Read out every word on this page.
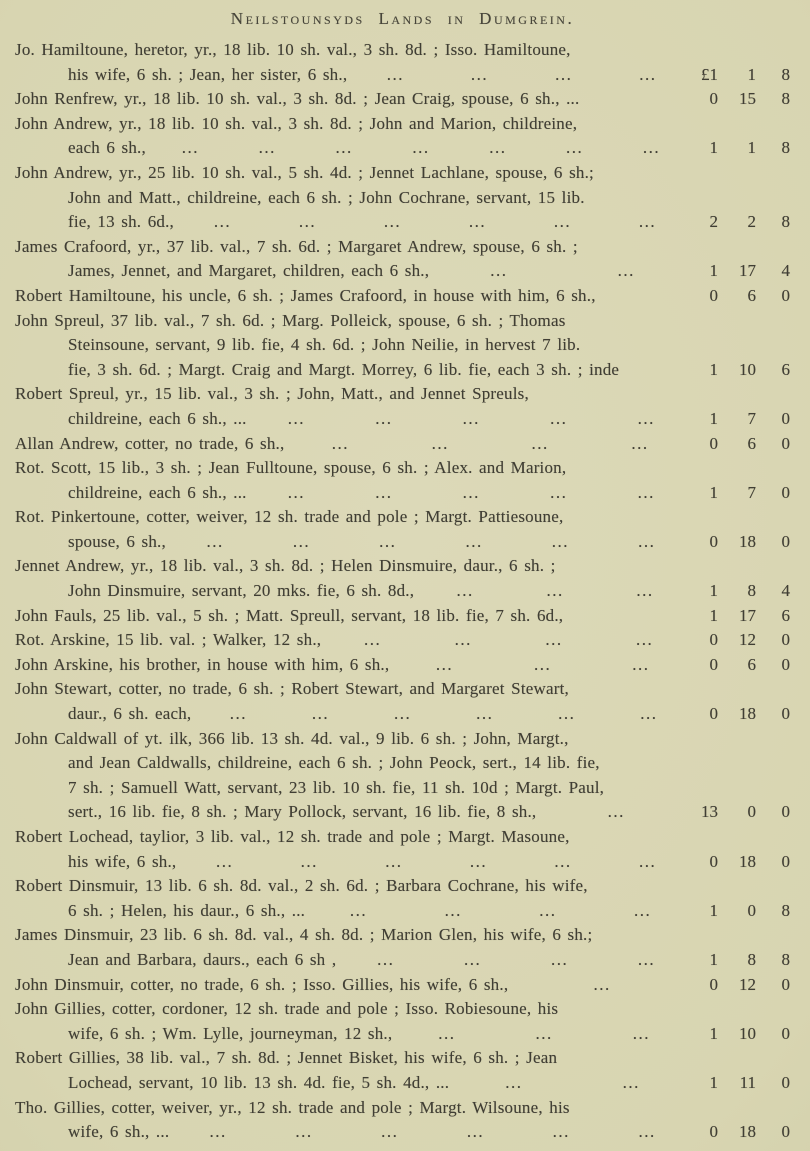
Neilstounsyds Lands in Dumgrein.
Jo. Hamiltoune, heretor, yr., 18 lib. 10 sh. val., 3 sh. 8d. ; Isso. Hamiltoune,
his wife, 6 sh. ; Jean, her sister, 6 sh., ...	...	...	...	£1	1	8
John Renfrew, yr., 18 lib. 10 sh. val., 3 sh. 8d. ; Jean Craig, spouse, 6 sh., ...	0	15	8
John Andrew, yr., 18 lib. 10 sh. val., 3 sh. 8d. ; John and Marion, childreine,
each 6 sh., ...	...	...	...	...	...	...	1	1	8
John Andrew, yr., 25 lib. 10 sh. val., 5 sh. 4d. ; Jennet Lachlane, spouse, 6 sh.;
John and Matt., childreine, each 6 sh. ; John Cochrane, servant, 15 lib.
fie, 13 sh. 6d., ...	...	...	...	...	...	2	2	8
James Crafoord, yr., 37 lib. val., 7 sh. 6d. ; Margaret Andrew, spouse, 6 sh. ;
James, Jennet, and Margaret, children, each 6 sh.,	...	...	1	17	4
Robert Hamiltoune, his uncle, 6 sh. ; James Crafoord, in house with him, 6 sh.,	0	6	0
John Spreul, 37 lib. val., 7 sh. 6d. ; Marg. Polleick, spouse, 6 sh. ; Thomas
Steinsoune, servant, 9 lib. fie, 4 sh. 6d. ; John Neilie, in hervest 7 lib.
fie, 3 sh. 6d. ; Margt. Craig and Margt. Morrey, 6 lib. fie, each 3 sh. ; inde	1	10	6
Robert Spreul, yr., 15 lib. val., 3 sh. ; John, Matt., and Jennet Spreuls,
childreine, each 6 sh., ... ...	...	...	...	...	1	7	0
Allan Andrew, cotter, no trade, 6 sh.,	...	...	...	...	0	6	0
Rot. Scott, 15 lib., 3 sh. ; Jean Fulltoune, spouse, 6 sh. ; Alex. and Marion,
childreine, each 6 sh., ... ...	...	...	...	...	1	7	0
Rot. Pinkertoune, cotter, weiver, 12 sh. trade and pole ; Margt. Pattiesoune,
spouse, 6 sh., ...	...	...	...	...	...	0	18	0
Jennet Andrew, yr., 18 lib. val., 3 sh. 8d. ; Helen Dinsmuire, daur., 6 sh. ;
John Dinsmuire, servant, 20 mks. fie, 6 sh. 8d., ...	...	...	1	8	4
John Fauls, 25 lib. val., 5 sh. ; Matt. Spreull, servant, 18 lib. fie, 7 sh. 6d.,	1	17	6
Rot. Arskine, 15 lib. val. ; Walker, 12 sh.,	...	...	...	...	0	12	0
John Arskine, his brother, in house with him, 6 sh.,	...	...	...	0	6	0
John Stewart, cotter, no trade, 6 sh. ; Robert Stewart, and Margaret Stewart,
daur., 6 sh. each, ...	...	...	...	...	...	0	18	0
John Caldwall of yt. ilk, 366 lib. 13 sh. 4d. val., 9 lib. 6 sh. ; John, Margt.,
and Jean Caldwalls, childreine, each 6 sh. ; John Peock, sert., 14 lib. fie,
7 sh. ; Samuell Watt, servant, 23 lib. 10 sh. fie, 11 sh. 10d ; Margt. Paul,
sert., 16 lib. fie, 8 sh. ; Mary Pollock, servant, 16 lib. fie, 8 sh.,	...	13	0	0
Robert Lochead, taylior, 3 lib. val., 12 sh. trade and pole ; Margt. Masoune,
his wife, 6 sh., ...	...	...	...	...	...	0	18	0
Robert Dinsmuir, 13 lib. 6 sh. 8d. val., 2 sh. 6d. ; Barbara Cochrane, his wife,
6 sh. ; Helen, his daur., 6 sh., ...	...	...	...	...	1	0	8
James Dinsmuir, 23 lib. 6 sh. 8d. val., 4 sh. 8d. ; Marion Glen, his wife, 6 sh.;
Jean and Barbara, daurs., each 6 sh , ...	...	...	...	1	8	8
John Dinsmuir, cotter, no trade, 6 sh. ; Isso. Gillies, his wife, 6 sh.,	...	0	12	0
John Gillies, cotter, cordoner, 12 sh. trade and pole ; Isso. Robiesoune, his
wife, 6 sh. ; Wm. Lylle, journeyman, 12 sh.,	...	...	...	1	10	0
Robert Gillies, 38 lib. val., 7 sh. 8d. ; Jennet Bisket, his wife, 6 sh. ; Jean
Lochead, servant, 10 lib. 13 sh. 4d. fie, 5 sh. 4d., ...	...	...	1	11	0
Tho. Gillies, cotter, weiver, yr., 12 sh. trade and pole ; Margt. Wilsoune, his
wife, 6 sh., ... ...	...	...	...	...	...	0	18	0
